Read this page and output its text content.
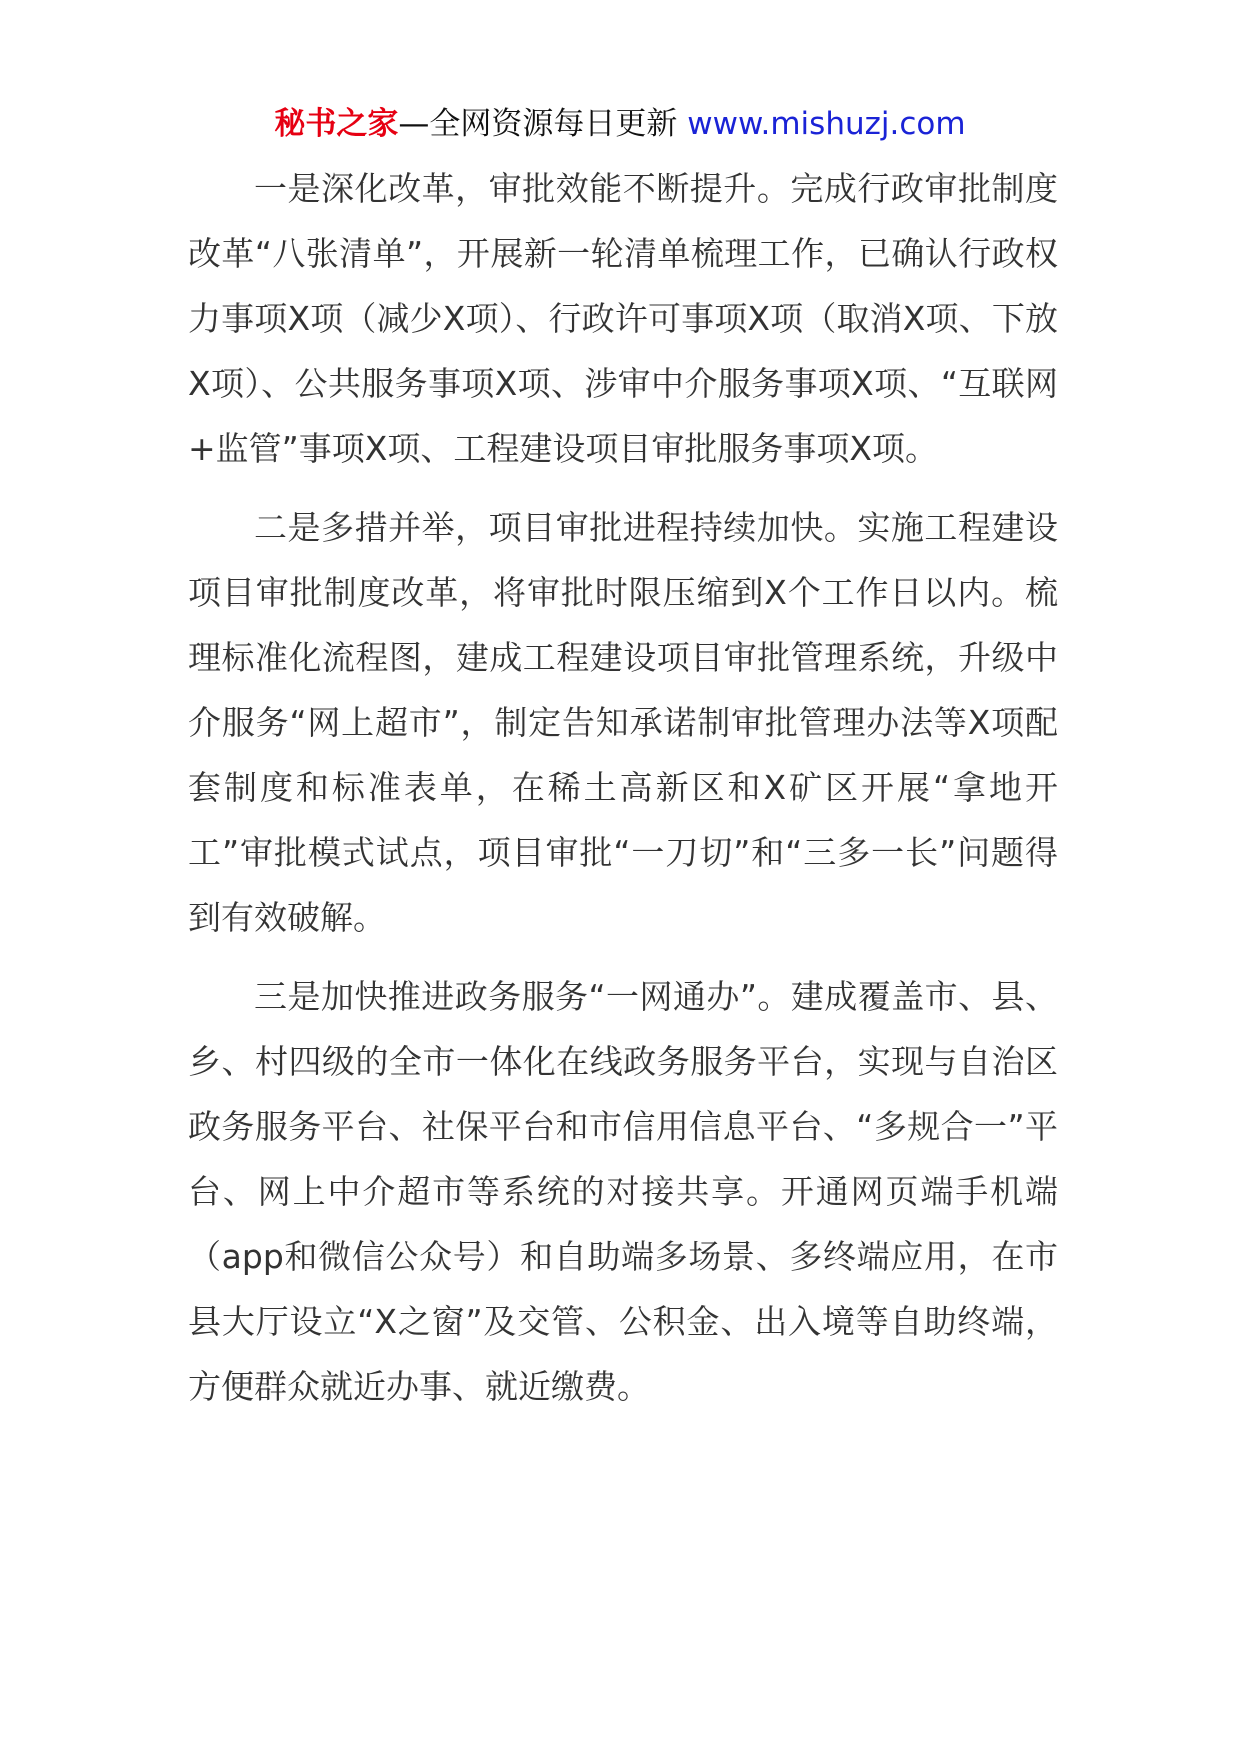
秘书之家—全网资源每日更新 www.mishuzj.com

一是深化改革，审批效能不断提升。完成行政审批制度改革“八张清单”，开展新一轮清单梳理工作，已确认行政权力事项X项（减少X项）、行政许可事项X项（取消X项、下放X项）、公共服务事项X项、涉审中介服务事项X项、“互联网+监管”事项X项、工程建设项目审批服务事项X项。

二是多措并举，项目审批进程持续加快。实施工程建设项目审批制度改革，将审批时限压缩到X个工作日以内。梳理标准化流程图，建成工程建设项目审批管理系统，升级中介服务“网上超市”，制定告知承诺制审批管理办法等X项配套制度和标准表单，在稀土高新区和X矿区开展“拿地开工”审批模式试点，项目审批“一刀切”和“三多一长”问题得到有效破解。

三是加快推进政务服务“一网通办”。建成覆盖市、县、乡、村四级的全市一体化在线政务服务平台，实现与自治区政务服务平台、社保平台和市信用信息平台、“多规合一”平台、网上中介超市等系统的对接共享。开通网页端手机端（app和微信公众号）和自助端多场景、多终端应用，在市县大厅设立“X之窗”及交管、公积金、出入境等自助终端，方便群众就近办事、就近缴费。
